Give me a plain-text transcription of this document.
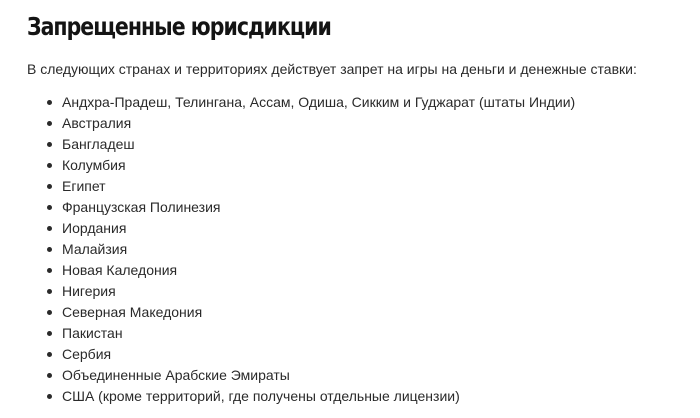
Запрещенные юрисдикции

В следующих странах и территориях действует запрет на игры на деньги и денежные ставки:

Андхра-Прадеш, Телингана, Ассам, Одиша, Сикким и Гуджарат (штаты Индии)
Австралия
Бангладеш
Колумбия
Египет
Французская Полинезия
Иордания
Малайзия
Новая Каледония
Нигерия
Северная Македония
Пакистан
Сербия
Объединенные Арабские Эмираты
США (кроме территорий, где получены отдельные лицензии)
